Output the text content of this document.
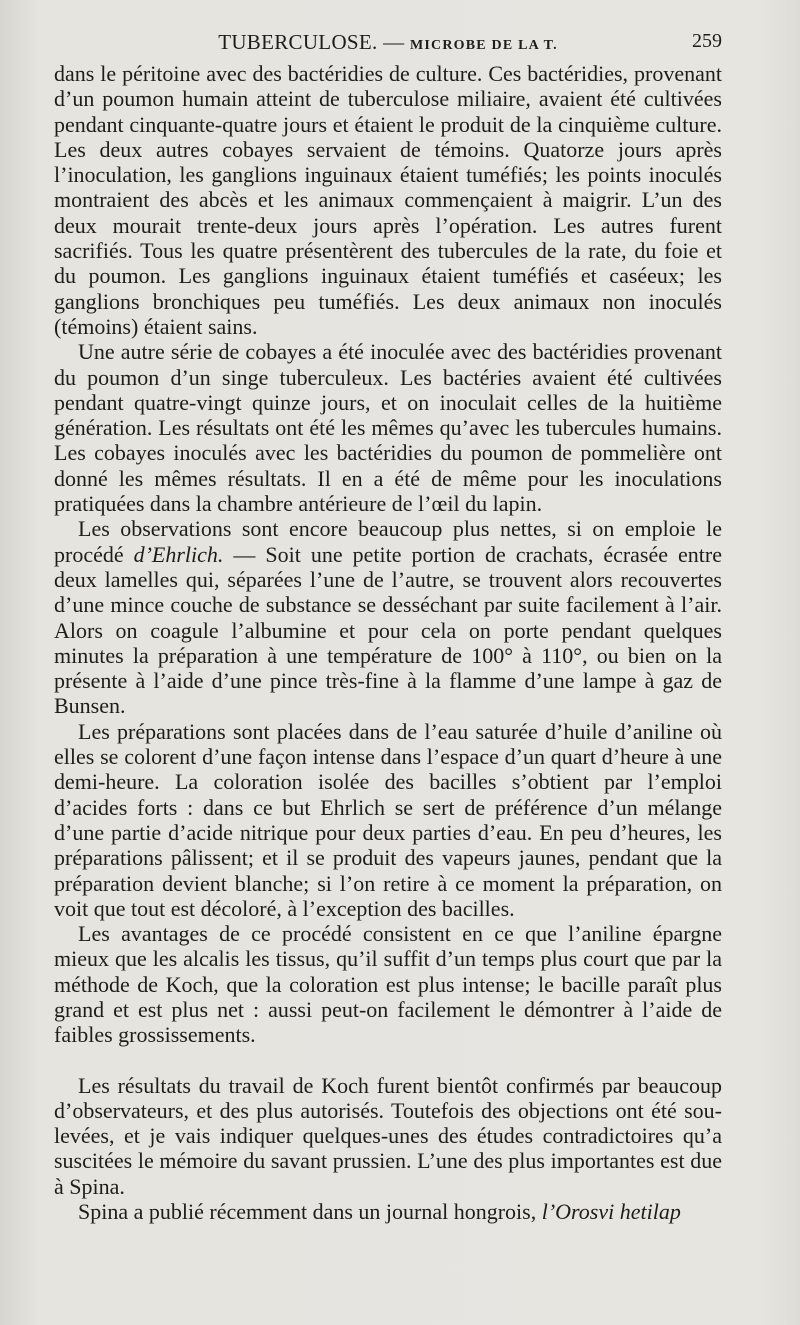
TUBERCULOSE. — MICROBE DE LA T.	259

dans le péritoine avec des bactéridies de culture. Ces bactéridies, provenant d’un poumon humain atteint de tuberculose miliaire, avaient été cultivées pendant cinquante-quatre jours et étaient le produit de la cinquième culture. Les deux autres cobayes servaient de témoins. Quatorze jours après l’inoculation, les ganglions inguinaux étaient tuméfiés; les points inoculés montraient des abcès et les animaux commençaient à maigrir. L’un des deux mourait trente-deux jours après l’opération. Les autres furent sacrifiés. Tous les quatre présentèrent des tubercules de la rate, du foie et du poumon. Les ganglions inguinaux étaient tuméfiés et caséeux; les ganglions bronchiques peu tuméfiés. Les deux animaux non inoculés (témoins) étaient sains.

Une autre série de cobayes a été inoculée avec des bactéridies provenant du poumon d’un singe tuberculeux. Les bactéries avaient été cultivées pendant quatre-vingt quinze jours, et on inoculait celles de la huitième génération. Les résultats ont été les mêmes qu’avec les tubercules humains. Les cobayes inoculés avec les bactéridies du poumon de pommelière ont donné les mêmes résultats. Il en a été de même pour les inoculations pratiquées dans la chambre antérieure de l’œil du lapin.

Les observations sont encore beaucoup plus nettes, si on emploie le procédé d’Ehrlich. — Soit une petite portion de crachats, écrasée entre deux lamelles qui, séparées l’une de l’autre, se trouvent alors recouvertes d’une mince couche de substance se desséchant par suite facilement à l’air. Alors on coagule l’albumine et pour cela on porte pendant quelques minutes la préparation à une température de 100° à 110°, ou bien on la présente à l’aide d’une pince très-fine à la flamme d’une lampe à gaz de Bunsen.

Les préparations sont placées dans de l’eau saturée d’huile d’aniline où elles se colorent d’une façon intense dans l’espace d’un quart d’heure à une demi-heure. La coloration isolée des bacilles s’obtient par l’emploi d’acides forts : dans ce but Ehrlich se sert de préférence d’un mélange d’une partie d’acide nitrique pour deux parties d’eau. En peu d’heures, les préparations pâlissent; et il se produit des vapeurs jaunes, pendant que la préparation devient blanche; si l’on retire à ce moment la préparation, on voit que tout est décoloré, à l’exception des bacilles.

Les avantages de ce procédé consistent en ce que l’aniline épargne mieux que les alcalis les tissus, qu’il suffit d’un temps plus court que par la méthode de Koch, que la coloration est plus intense; le bacille paraît plus grand et est plus net : aussi peut-on facilement le démontrer à l’aide de faibles grossissements.

Les résultats du travail de Koch furent bientôt confirmés par beaucoup d’observateurs, et des plus autorisés. Toutefois des objections ont été soulevées, et je vais indiquer quelques-unes des études contradictoires qu’a suscitées le mémoire du savant prussien. L’une des plus importantes est due à Spina.

Spina a publié récemment dans un journal hongrois, l’Orosvi hetilap
